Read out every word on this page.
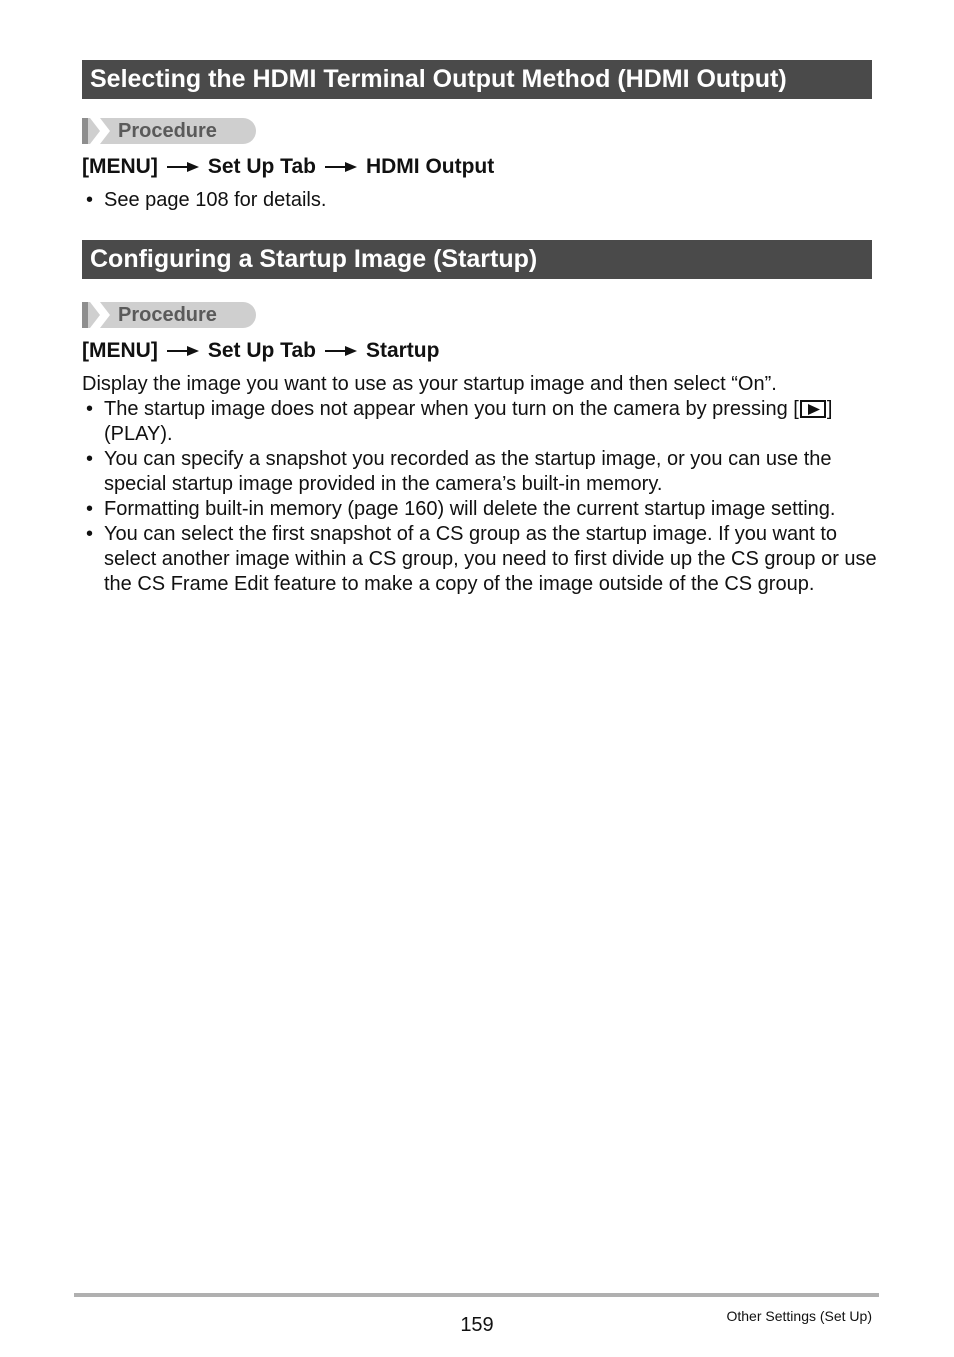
Selecting the HDMI Terminal Output Method (HDMI Output)
Procedure
[MENU] Set Up Tab HDMI Output
• See page 108 for details.
Configuring a Startup Image (Startup)
Procedure
[MENU] Set Up Tab Startup
Display the image you want to use as your startup image and then select “On”.
• The startup image does not appear when you turn on the camera by pressing [ ]
(PLAY).
• You can specify a snapshot you recorded as the startup image, or you can use the special startup image provided in the camera’s built-in memory.
• Formatting built-in memory (page 160) will delete the current startup image setting.
• You can select the first snapshot of a CS group as the startup image. If you want to select another image within a CS group, you need to first divide up the CS group or use the CS Frame Edit feature to make a copy of the image outside of the CS group.
159	Other Settings (Set Up)
